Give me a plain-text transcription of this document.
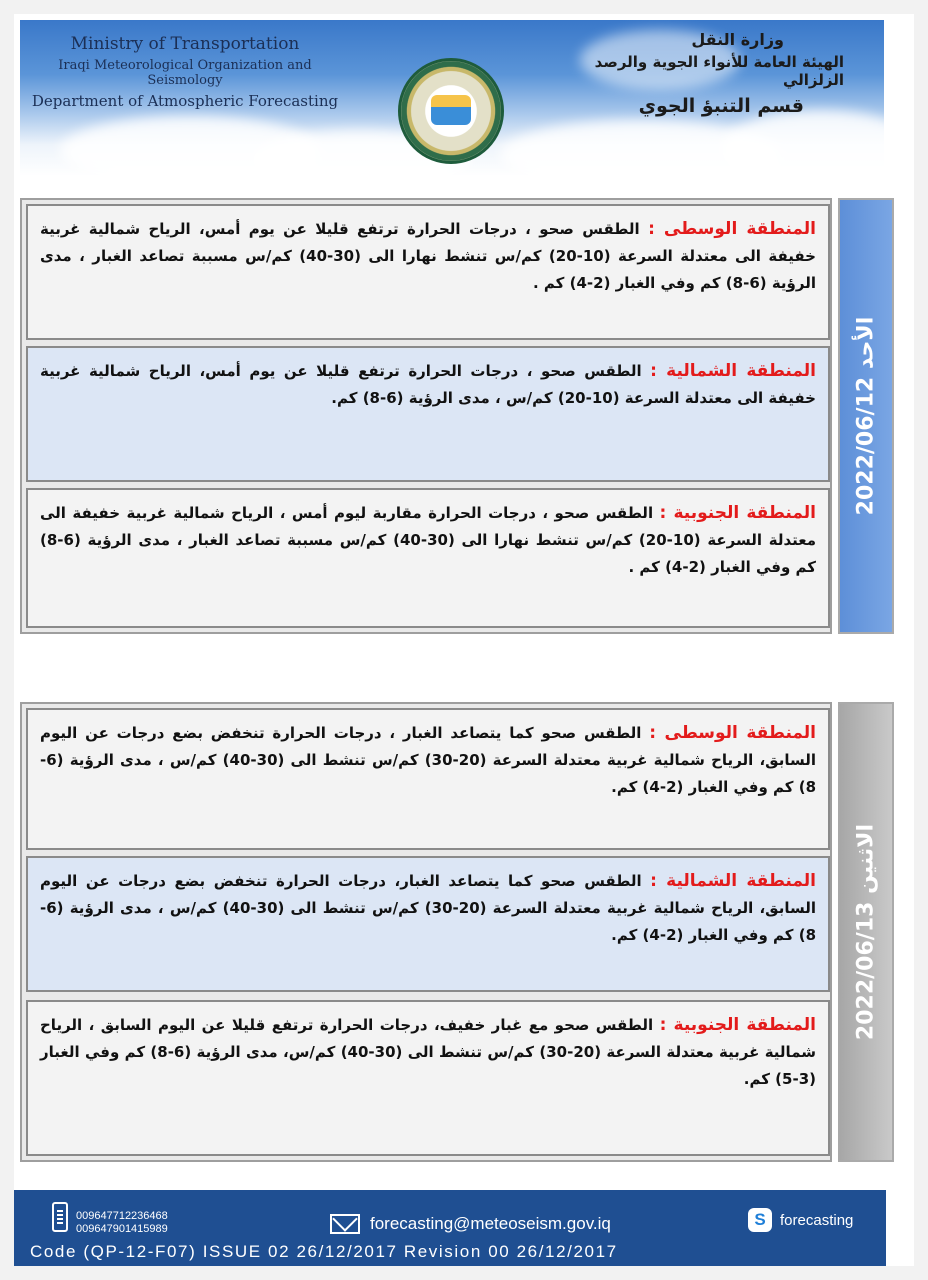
Ministry of Transportation
Iraqi Meteorological Organization and Seismology
Department of Atmospheric Forecasting
وزارة النقل
الهيئة العامة للأنواء الجوية والرصد الزلزالي
قسم التنبؤ الجوي

المنطقة الوسطى : الطقس صحو ، درجات الحرارة ترتفع قليلا عن يوم أمس، الرياح شمالية غربية خفيفة الى معتدلة السرعة (10-20) كم/س تنشط نهارا الى (30-40) كم/س مسببة تصاعد الغبار ، مدى الرؤية (6-8) كم وفي الغبار (2-4) كم .

المنطقة الشمالية : الطقس صحو ، درجات الحرارة ترتفع قليلا عن يوم أمس، الرياح شمالية غربية خفيفة الى معتدلة السرعة (10-20) كم/س ، مدى الرؤية (6-8) كم.

المنطقة الجنوبية : الطقس صحو ، درجات الحرارة مقاربة ليوم أمس ، الرياح شمالية غربية خفيفة الى معتدلة السرعة (10-20) كم/س تنشط نهارا الى (30-40) كم/س مسببة تصاعد الغبار ، مدى الرؤية (6-8) كم وفي الغبار (2-4) كم .

الأحد 2022/06/12

المنطقة الوسطى : الطقس صحو كما يتصاعد الغبار ، درجات الحرارة تنخفض بضع درجات عن اليوم السابق، الرياح شمالية غربية معتدلة السرعة (20-30) كم/س تنشط الى (30-40) كم/س ، مدى الرؤية (6-8) كم وفي الغبار (2-4) كم.

المنطقة الشمالية : الطقس صحو كما يتصاعد الغبار، درجات الحرارة تنخفض بضع درجات عن اليوم السابق، الرياح شمالية غربية معتدلة السرعة (20-30) كم/س تنشط الى (30-40) كم/س ، مدى الرؤية (6-8) كم وفي الغبار (2-4) كم.

المنطقة الجنوبية : الطقس صحو مع غبار خفيف، درجات الحرارة ترتفع قليلا عن اليوم السابق ، الرياح شمالية غربية معتدلة السرعة (20-30) كم/س تنشط الى (30-40) كم/س، مدى الرؤية (6-8) كم وفي الغبار (3-5) كم.

الاثنين 2022/06/13
009647712236468
009647901415989	forecasting@meteoseism.gov.iq	S forecasting
Code (QP-12-F07) ISSUE 02 26/12/2017 Revision 00 26/12/2017
